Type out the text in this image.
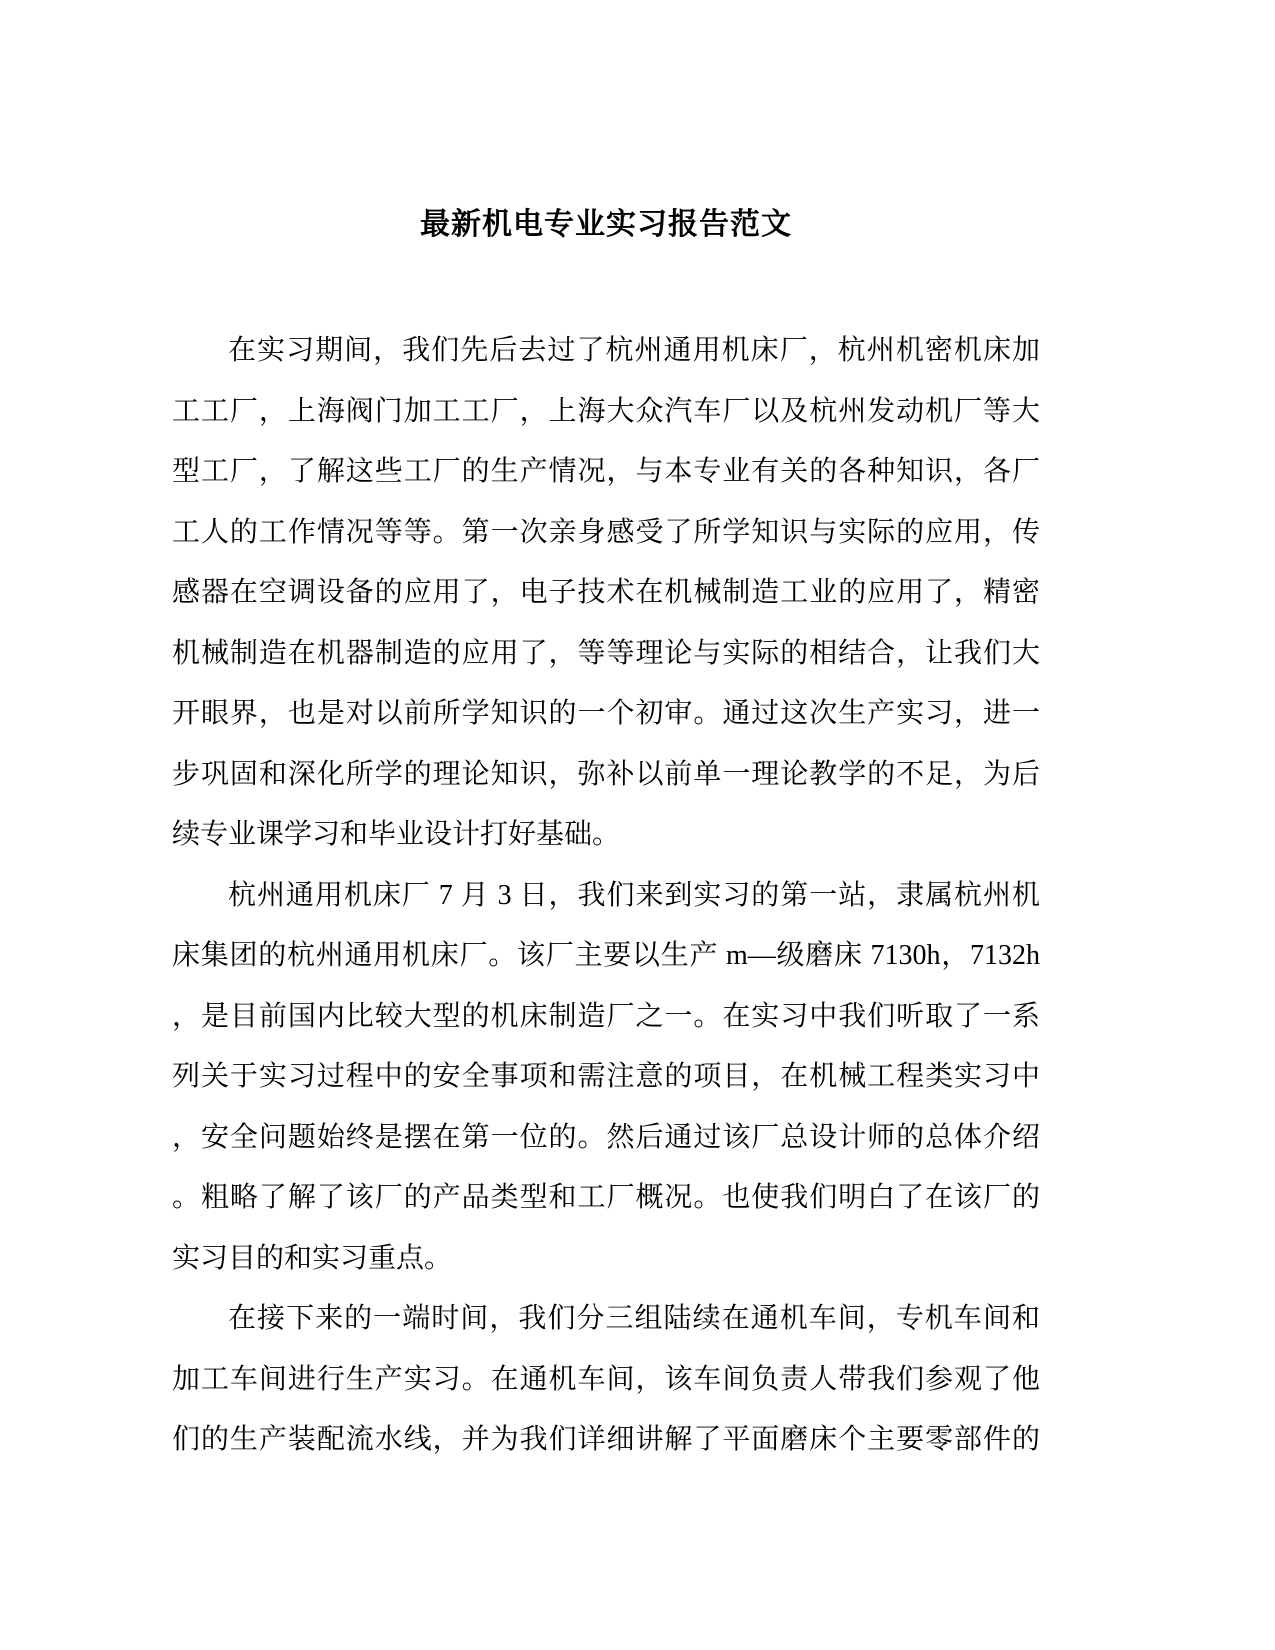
最新机电专业实习报告范文
在实习期间，我们先后去过了杭州通用机床厂，杭州机密机床加
工工厂，上海阀门加工工厂，上海大众汽车厂以及杭州发动机厂等大
型工厂，了解这些工厂的生产情况，与本专业有关的各种知识，各厂
工人的工作情况等等。第一次亲身感受了所学知识与实际的应用，传
感器在空调设备的应用了，电子技术在机械制造工业的应用了，精密
机械制造在机器制造的应用了，等等理论与实际的相结合，让我们大
开眼界，也是对以前所学知识的一个初审。通过这次生产实习，进一
步巩固和深化所学的理论知识，弥补以前单一理论教学的不足，为后
续专业课学习和毕业设计打好基础。
杭州通用机床厂 7 月 3 日，我们来到实习的第一站，隶属杭州机
床集团的杭州通用机床厂。该厂主要以生产 m—级磨床 7130h，7132h
，是目前国内比较大型的机床制造厂之一。在实习中我们听取了一系
列关于实习过程中的安全事项和需注意的项目，在机械工程类实习中
，安全问题始终是摆在第一位的。然后通过该厂总设计师的总体介绍
。粗略了解了该厂的产品类型和工厂概况。也使我们明白了在该厂的
实习目的和实习重点。
在接下来的一端时间，我们分三组陆续在通机车间，专机车间和
加工车间进行生产实习。在通机车间，该车间负责人带我们参观了他
们的生产装配流水线，并为我们详细讲解了平面磨床个主要零部件的
